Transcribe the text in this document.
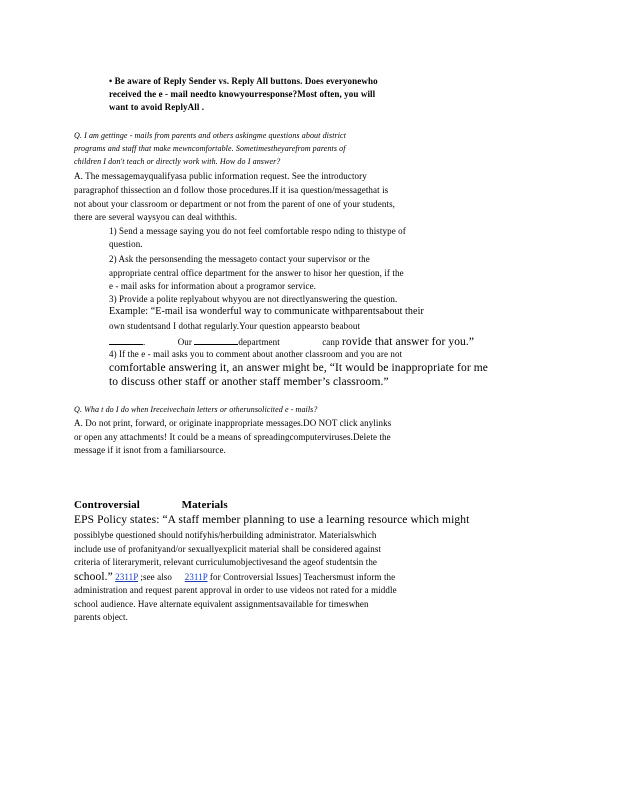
• Be aware of Reply Sender vs. Reply All buttons. Does everyonewho
received the e - mail needto knowyourresponse?Most often, you will
want to avoid ReplyAll .
Q. I am gettinge - mails from parents and others askingme questions about district
programs and staff that make mewncomfortable. Sometimestheyarefrom parents of
children I don't teach or directly work with. How do I answer?
A. The messagemayqualifyasa public information request. See the introductory
paragraphof thissection an d follow those procedures.If it isa question/messagethat is
not about your classroom or department or not from the parent of one of your students,
there are several waysyou can deal withthis.
1) Send a message saying you do not feel comfortable respo nding to thistype of
question.
2) Ask the personsending the messageto contact your supervisor or the
appropriate central office department for the answer to hisor her question, if the
e - mail asks for information about a programor service.
3) Provide a polite replyabout whyyou are not directlyanswering the question.
Example: “E-mail isa wonderful way to communicate withparentsabout their
own studentsand I dothat regularly.Your question appearsto beabout
.	Our	department	canp rovide that answer for you.”
4) If the e - mail asks you to comment about another classroom and you are not
comfortable answering it, an answer might be, “It would be inappropriate for me
to discuss other staff or another staff member’s classroom.”
Q. Wha t do I do when Ireceivechain letters or otherunsolicited e - mails?
A. Do not print, forward, or originate inappropriate messages.DO NOT click anylinks
or open any attachments! It could be a means of spreadingcomputerviruses.Delete the
message if it isnot from a familiarsource.
Controversial	Materials
EPS Policy states: “A staff member planning to use a learning resource which might
possiblybe questioned should notifyhis/herbuilding administrator. Materialswhich
include use of profanityand/or sexuallyexplicit material shall be considered against
criteria of literarymerit, relevant curriculumobjectivesand the ageof studentsin the
school.” 2311P ;see also 2311P for Controversial Issues] Teachersmust inform the
administration and request parent approval in order to use videos not rated for a middle
school audience. Have alternate equivalent assignmentsavailable for timeswhen
parents object.
